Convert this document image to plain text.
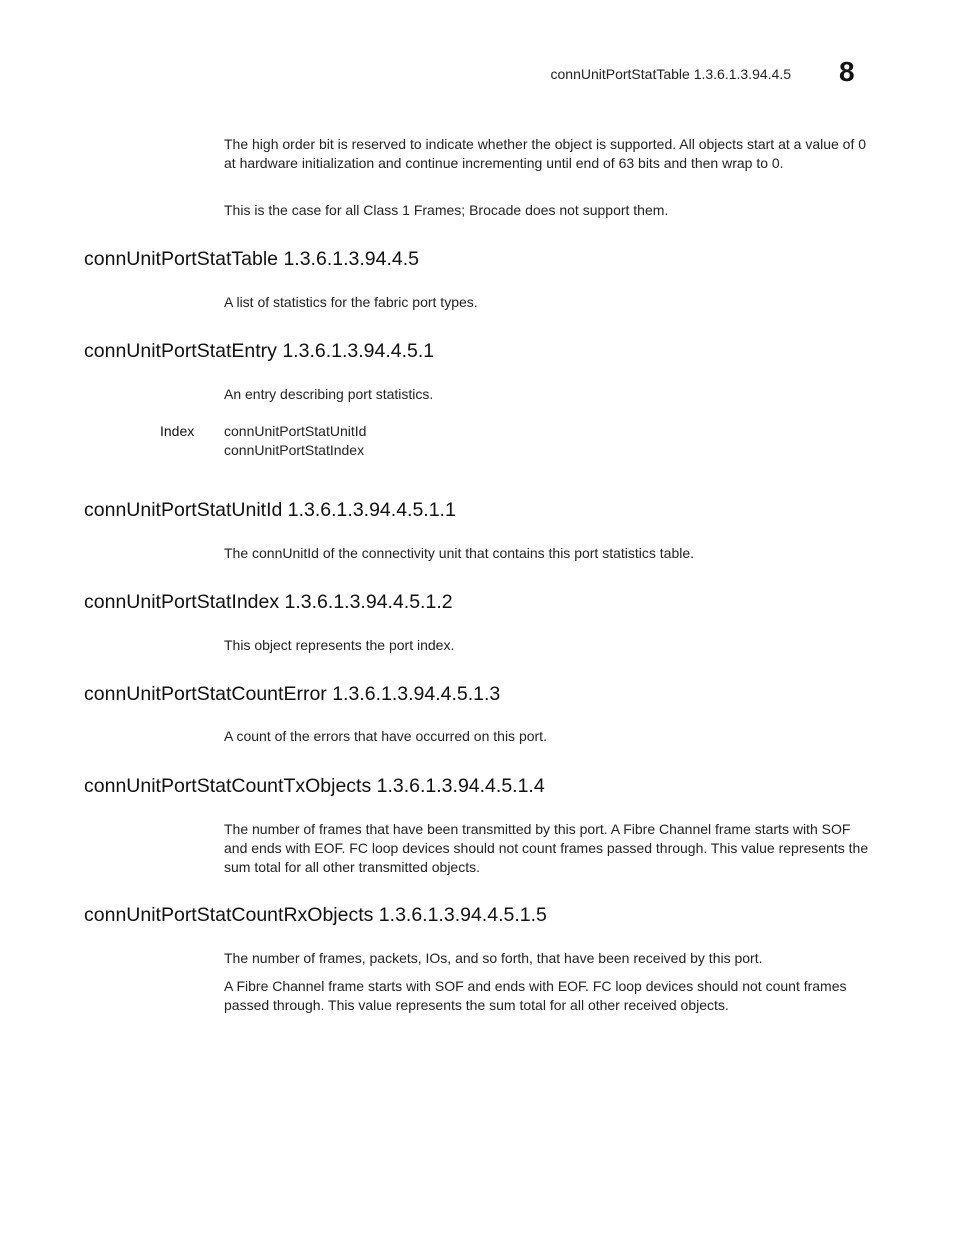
connUnitPortStatTable 1.3.6.1.3.94.4.5 8

The high order bit is reserved to indicate whether the object is supported. All objects start at a value of 0 at hardware initialization and continue incrementing until end of 63 bits and then wrap to 0.

This is the case for all Class 1 Frames; Brocade does not support them.

connUnitPortStatTable 1.3.6.1.3.94.4.5

A list of statistics for the fabric port types.

connUnitPortStatEntry 1.3.6.1.3.94.4.5.1

An entry describing port statistics.

Index connUnitPortStatUnitId
connUnitPortStatIndex
connUnitPortStatUnitId 1.3.6.1.3.94.4.5.1.1

The connUnitId of the connectivity unit that contains this port statistics table.

connUnitPortStatIndex 1.3.6.1.3.94.4.5.1.2

This object represents the port index.

connUnitPortStatCountError 1.3.6.1.3.94.4.5.1.3

A count of the errors that have occurred on this port.

connUnitPortStatCountTxObjects 1.3.6.1.3.94.4.5.1.4

The number of frames that have been transmitted by this port. A Fibre Channel frame starts with SOF and ends with EOF. FC loop devices should not count frames passed through. This value represents the sum total for all other transmitted objects.

connUnitPortStatCountRxObjects 1.3.6.1.3.94.4.5.1.5

The number of frames, packets, IOs, and so forth, that have been received by this port.

A Fibre Channel frame starts with SOF and ends with EOF. FC loop devices should not count frames passed through. This value represents the sum total for all other received objects.
